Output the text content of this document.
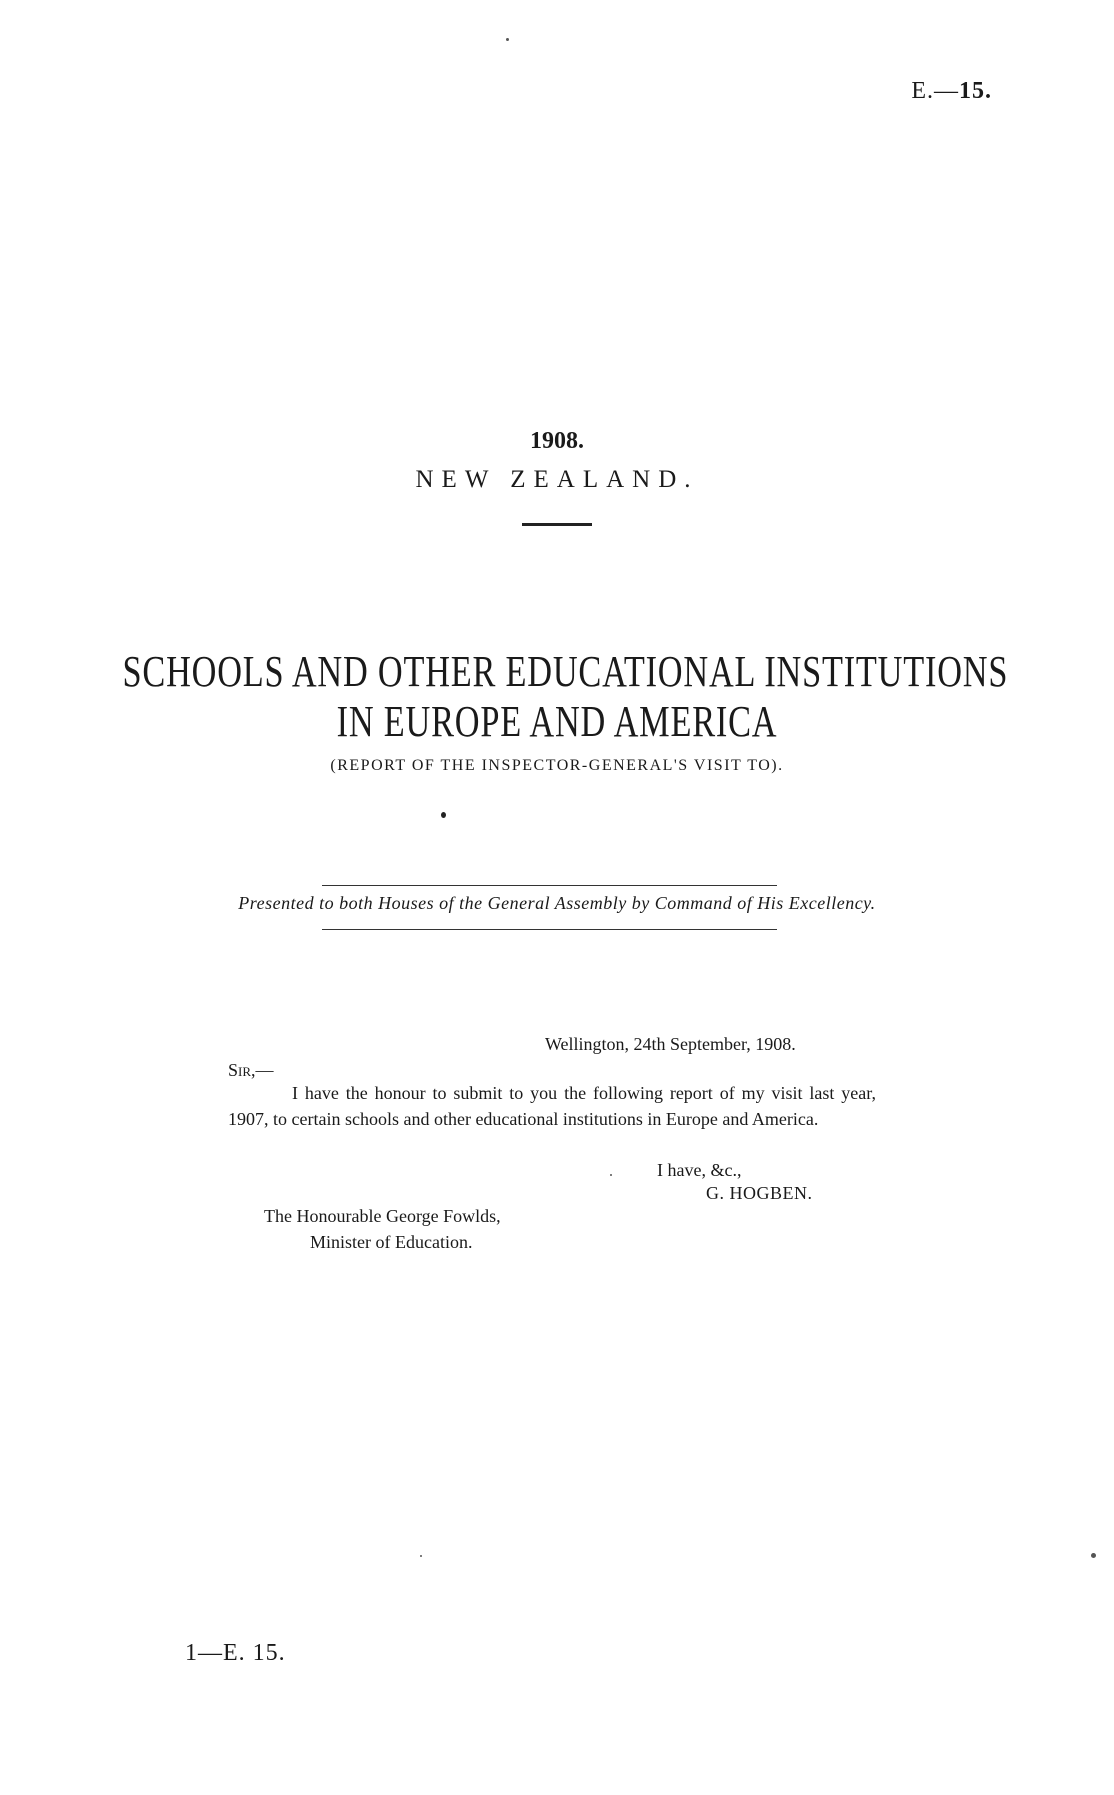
E.—15.
1908.
NEW ZEALAND.
SCHOOLS AND OTHER EDUCATIONAL INSTITUTIONS
IN EUROPE AND AMERICA
(REPORT OF THE INSPECTOR-GENERAL'S VISIT TO).
Presented to both Houses of the General Assembly by Command of His Excellency.
Wellington, 24th September, 1908.
Sir,—
I have the honour to submit to you the following report of my visit last year, 1907, to certain schools and other educational institutions in Europe and America.
I have, &c.,
G. HOGBEN.
The Honourable George Fowlds,
Minister of Education.
1—E. 15.
